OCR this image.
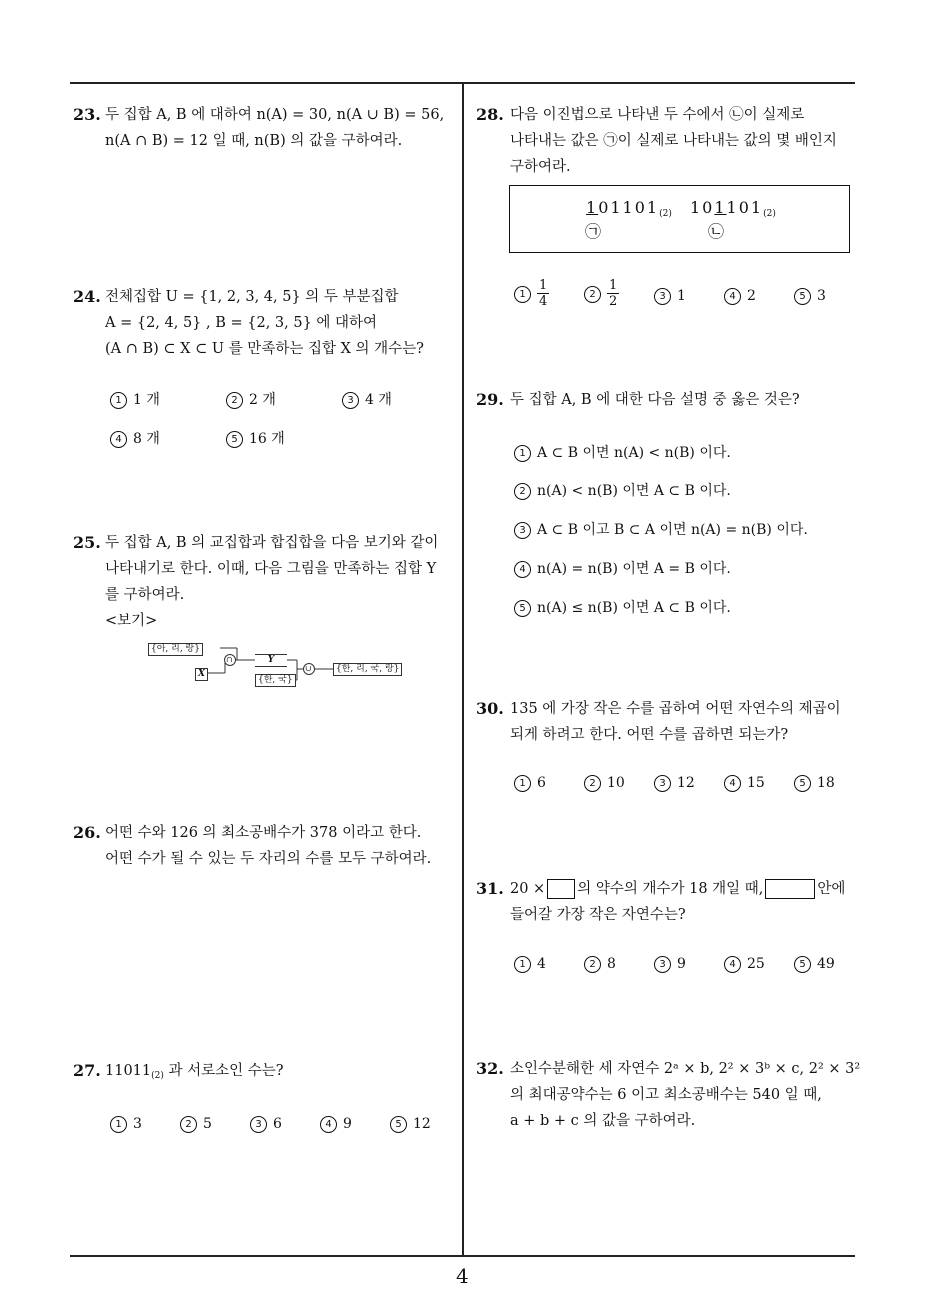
23. 두 집합 A, B 에 대하여 n(A) = 30, n(A ∪ B) = 56,
n(A ∩ B) = 12 일 때, n(B) 의 값을 구하여라.
24. 전체집합 U = {1, 2, 3, 4, 5} 의 두 부분집합
A = {2, 4, 5} , B = {2, 3, 5} 에 대하여
(A ∩ B) ⊂ X ⊂ U 를 만족하는 집합 X 의 개수는?
1 1 개	2 2 개	3 4 개
4 8 개	5 16 개
25. 두 집합 A, B 의 교집합과 합집합을 다음 보기와 같이
나타내기로 한다. 이때, 다음 그림을 만족하는 집합 Y
를 구하여라.
<보기>
{아, 리, 랑}
X
∩	Y
{한, 국}
∪	{한, 리, 국, 랑}
26. 어떤 수와 126 의 최소공배수가 378 이라고 한다.
어떤 수가 될 수 있는 두 자리의 수를 모두 구하여라.
27. $11011_{(2)}$ 과 서로소인 수는?
1 3	2 5	3 6	4 9	5 12
28. 다음 이진법으로 나타낸 두 수에서 ㉡이 실제로
나타내는 값은 ㉠이 실제로 나타내는 값의 몇 배인지
구하여라.
$101101_{(2)}$
㉠
$101101_{(2)}$
㉡
$1 \frac{1}{4}$	$2 \frac{1}{2}$	3 1	4 2	5 3
29. 두 집합 A, B 에 대한 다음 설명 중 옳은 것은?
1 A ⊂ B 이면 n(A) < n(B) 이다.
2 n(A) < n(B) 이면 A ⊂ B 이다.
3 A ⊂ B 이고 B ⊂ A 이면 n(A) = n(B) 이다.
4 n(A) = n(B) 이면 A = B 이다.
5 n(A) ≤ n(B) 이면 A ⊂ B 이다.
30. 135 에 가장 작은 수를 곱하여 어떤 자연수의 제곱이
되게 하려고 한다. 어떤 수를 곱하면 되는가?
1 6	2 10	3 12	4 15	5 18
31. 20 × 의 약수의 개수가 18 개일 때,	안에
들어갈 가장 작은 자연수는?
1 4	2 8	3 9	4 25	5 49
32. 소인수분해한 세 자연수 2ᵃ × b, 2² × 3ᵇ × c, 2² × 3²
의 최대공약수는 6 이고 최소공배수는 540 일 때,
a + b + c 의 값을 구하여라.
4
